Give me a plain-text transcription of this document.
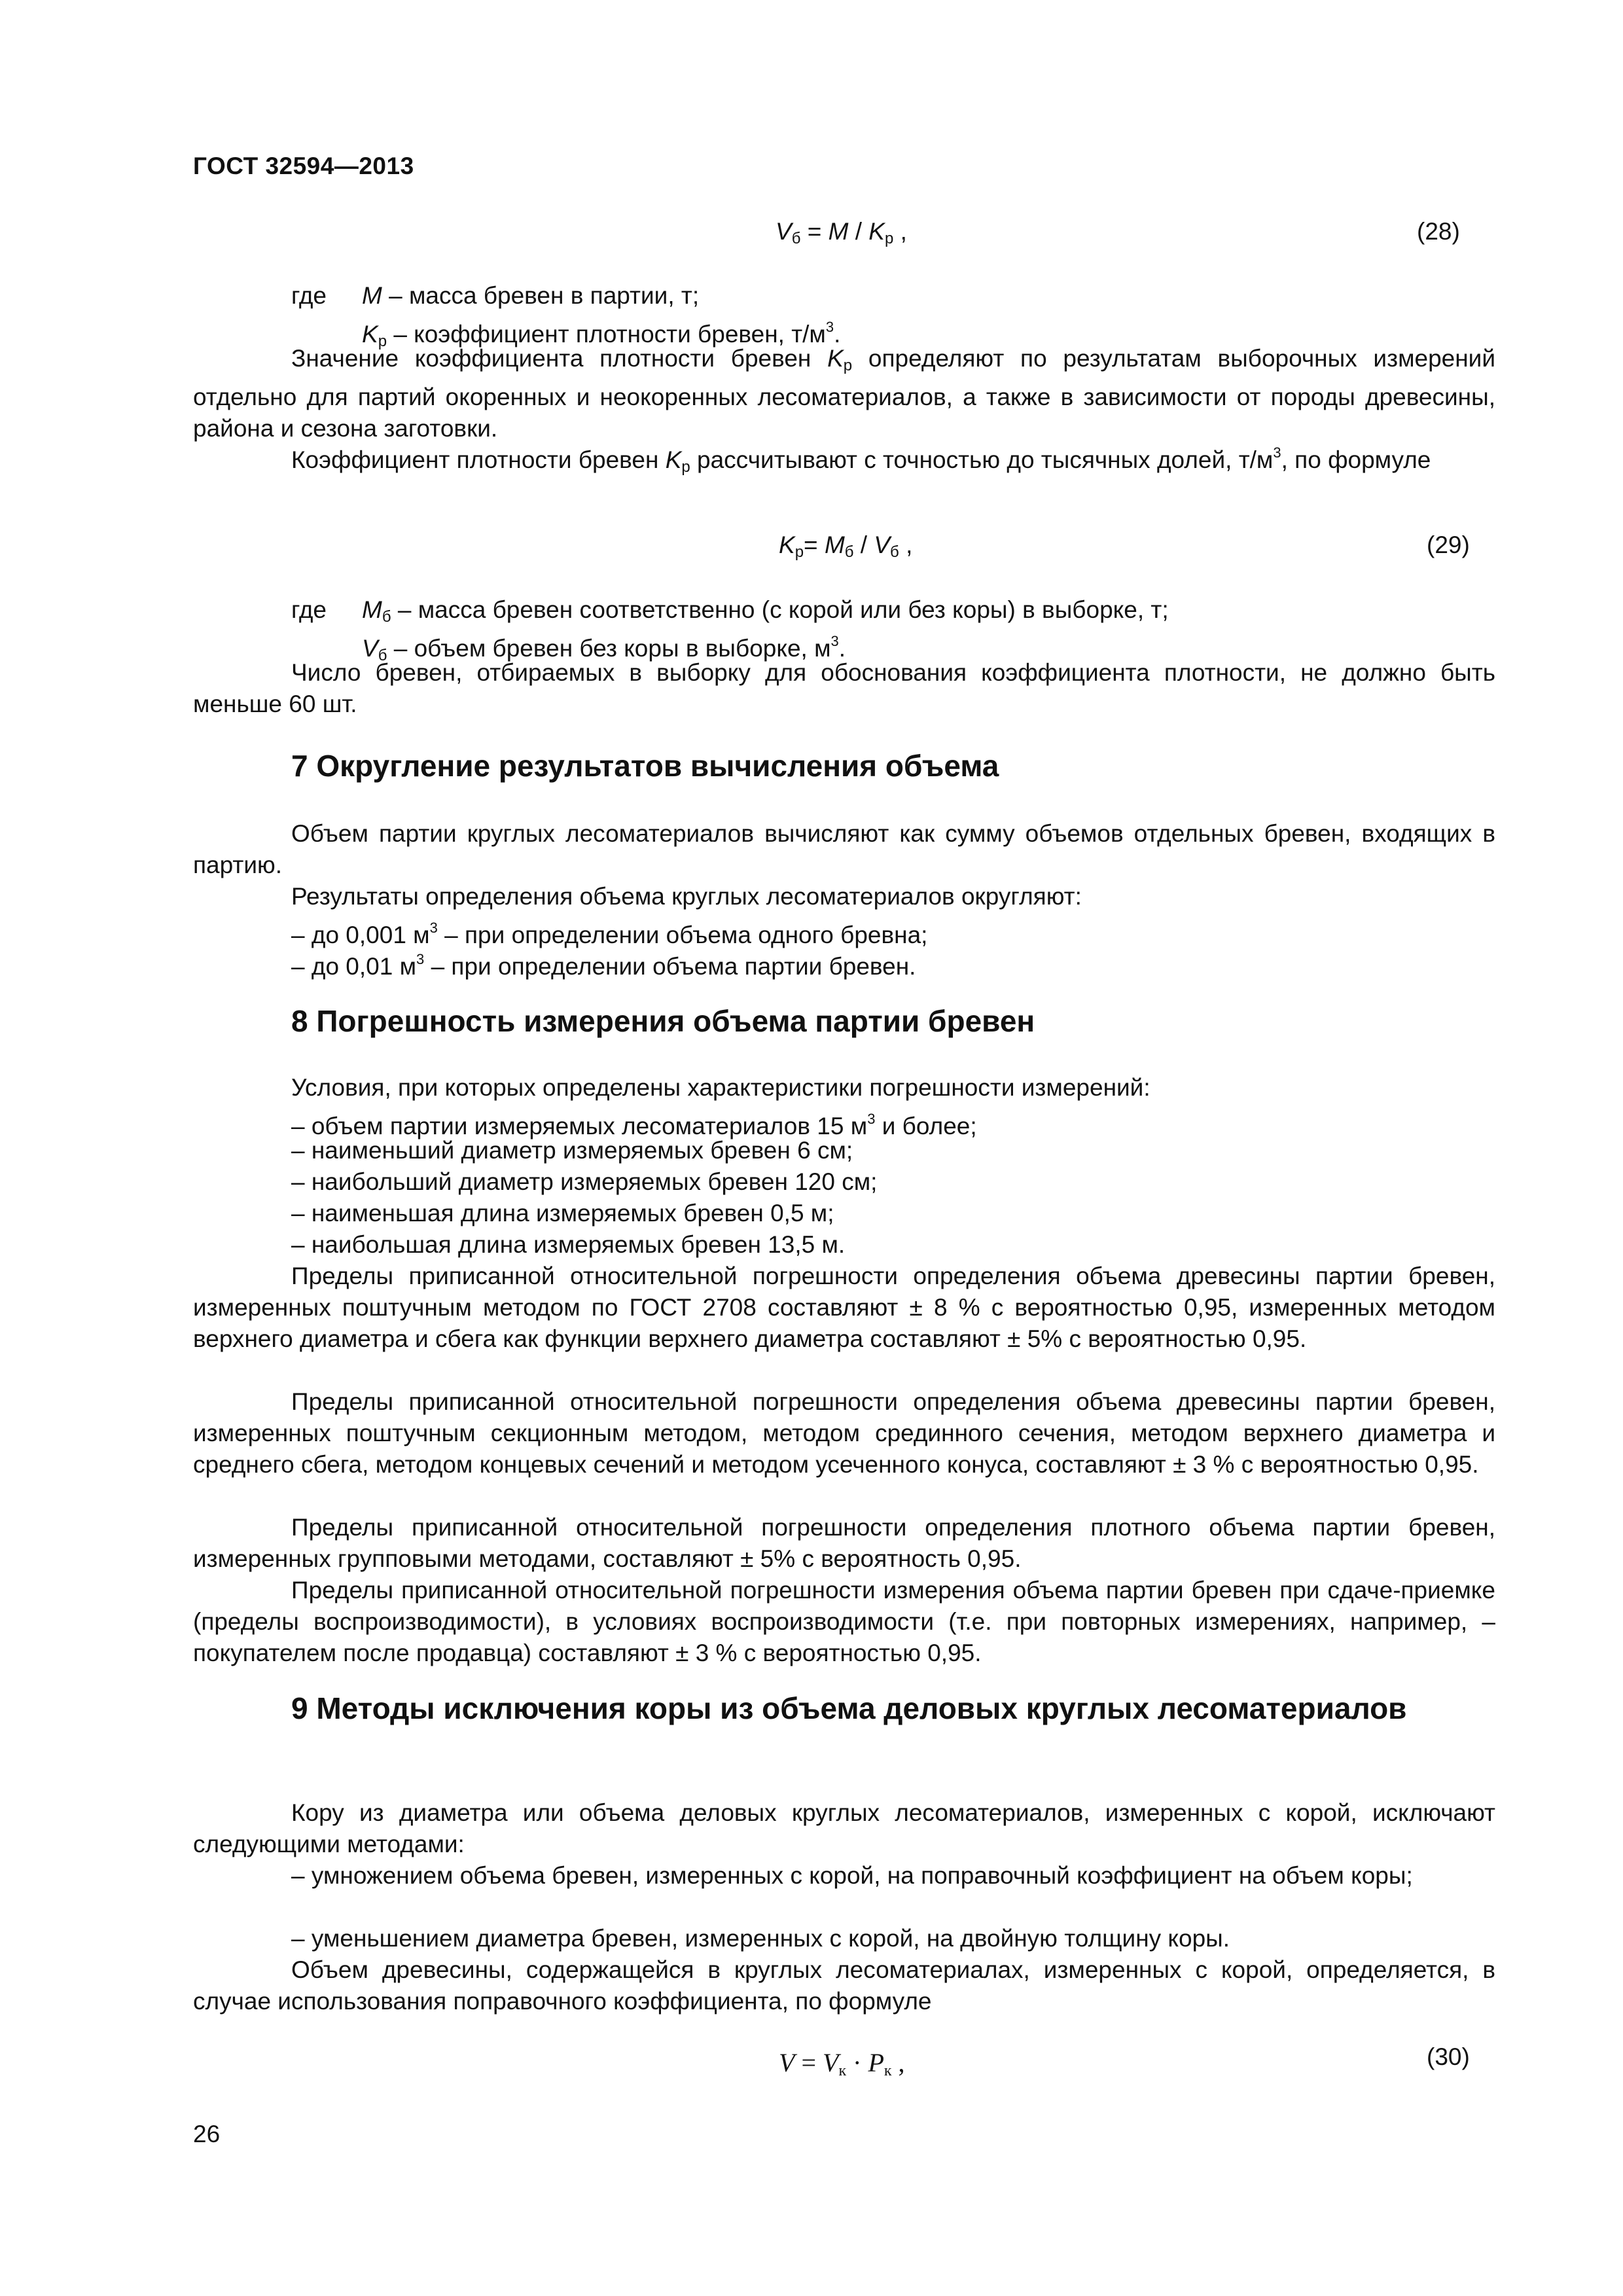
ГОСТ 32594—2013
$V_б = M / K_р$ ,	(28)
где M – масса бревен в партии, т;
$K_р$ – коэффициент плотности бревен, $т/м^3$.
Значение коэффициента плотности бревен $K_р$ определяют по результатам выборочных измерений отдельно для партий окоренных и неокоренных лесоматериалов, а также в зависимости от породы древесины, района и сезона заготовки.
Коэффициент плотности бревен $K_р$ рассчитывают с точностью до тысячных долей, $т/м^3$, по формуле
$K_р= M_б / V_б$ ,	(29)
где $M_б$ – масса бревен соответственно (с корой или без коры) в выборке, т;
$V_б$ – объем бревен без коры в выборке, $м^3$.
Число бревен, отбираемых в выборку для обоснования коэффициента плотности, не должно быть меньше 60 шт.
7 Округление результатов вычисления объема
Объем партии круглых лесоматериалов вычисляют как сумму объемов отдельных бревен, входящих в партию.
Результаты определения объема круглых лесоматериалов округляют:
– до 0,001 $м^3$ – при определении объема одного бревна;
– до 0,01 $м^3$ – при определении объема партии бревен.
8 Погрешность измерения объема партии бревен
Условия, при которых определены характеристики погрешности измерений:
– объем партии измеряемых лесоматериалов 15 $м^3$ и более;
– наименьший диаметр измеряемых бревен 6 см;
– наибольший диаметр измеряемых бревен 120 см;
– наименьшая длина измеряемых бревен 0,5 м;
– наибольшая длина измеряемых бревен 13,5 м.
Пределы приписанной относительной погрешности определения объема древесины партии бревен, измеренных поштучным методом по ГОСТ 2708 составляют ± 8 % с вероятностью 0,95, измеренных методом верхнего диаметра и сбега как функции верхнего диаметра составляют ± 5% с вероятностью 0,95.
Пределы приписанной относительной погрешности определения объема древесины партии бревен, измеренных поштучным секционным методом, методом срединного сечения, методом верхнего диаметра и среднего сбега, методом концевых сечений и методом усеченного конуса, составляют ± 3 % с вероятностью 0,95.
Пределы приписанной относительной погрешности определения плотного объема партии бревен, измеренных групповыми методами, составляют ± 5% с вероятность 0,95.
Пределы приписанной относительной погрешности измерения объема партии бревен при сдаче-приемке (пределы воспроизводимости), в условиях воспроизводимости (т.е. при повторных измерениях, например, – покупателем после продавца) составляют ± 3 % с вероятностью 0,95.
9 Методы исключения коры из объема деловых круглых лесоматериалов
Кору из диаметра или объема деловых круглых лесоматериалов, измеренных с корой, исключают следующими методами:
– умножением объема бревен, измеренных с корой, на поправочный коэффициент на объем коры;
– уменьшением диаметра бревен, измеренных с корой, на двойную толщину коры.
Объем древесины, содержащейся в круглых лесоматериалах, измеренных с корой, определяется, в случае использования поправочного коэффициента, по формуле
$V = V_к \cdot P_к$ ,	(30)
26
